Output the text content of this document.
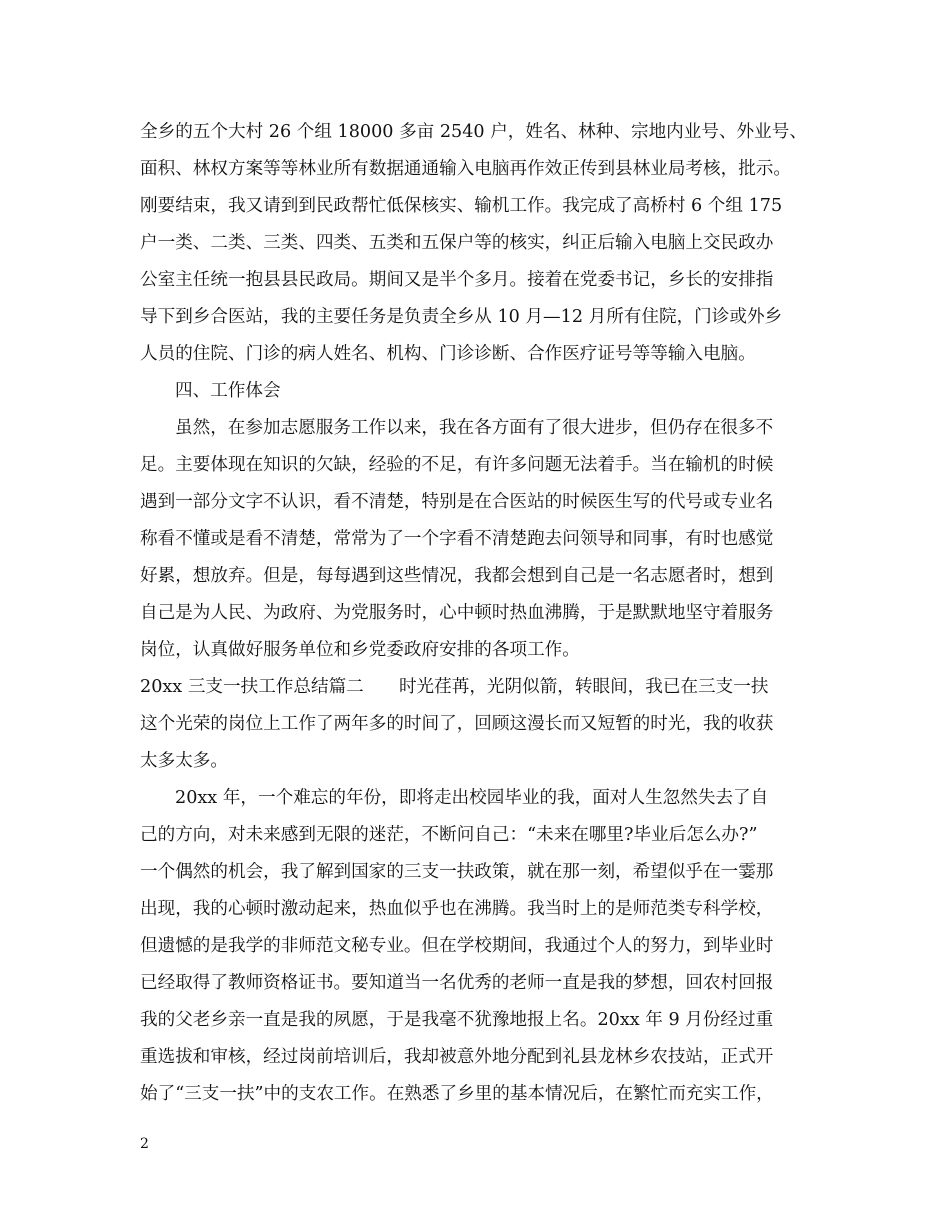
全乡的五个大村 26 个组 18000 多亩 2540 户，姓名、林种、宗地内业号、外业号、
面积、林权方案等等林业所有数据通通输入电脑再作效正传到县林业局考核，批示。
刚要结束，我又请到到民政帮忙低保核实、输机工作。我完成了高桥村 6 个组 175
户一类、二类、三类、四类、五类和五保户等的核实，纠正后输入电脑上交民政办
公室主任统一抱县县民政局。期间又是半个多月。接着在党委书记，乡长的安排指
导下到乡合医站，我的主要任务是负责全乡从 10 月—12 月所有住院，门诊或外乡
人员的住院、门诊的病人姓名、机构、门诊诊断、合作医疗证号等等输入电脑。
四、工作体会
虽然，在参加志愿服务工作以来，我在各方面有了很大进步，但仍存在很多不
足。主要体现在知识的欠缺，经验的不足，有许多问题无法着手。当在输机的时候
遇到一部分文字不认识，看不清楚，特别是在合医站的时候医生写的代号或专业名
称看不懂或是看不清楚，常常为了一个字看不清楚跑去问领导和同事，有时也感觉
好累，想放弃。但是，每每遇到这些情况，我都会想到自己是一名志愿者时，想到
自己是为人民、为政府、为党服务时，心中顿时热血沸腾，于是默默地坚守着服务
岗位，认真做好服务单位和乡党委政府安排的各项工作。
20xx 三支一扶工作总结篇二　　时光荏苒，光阴似箭，转眼间，我已在三支一扶
这个光荣的岗位上工作了两年多的时间了，回顾这漫长而又短暂的时光，我的收获
太多太多。
20xx 年，一个难忘的年份，即将走出校园毕业的我，面对人生忽然失去了自
己的方向，对未来感到无限的迷茫，不断问自己：“未来在哪里?毕业后怎么办?”
一个偶然的机会，我了解到国家的三支一扶政策，就在那一刻，希望似乎在一霎那
出现，我的心顿时激动起来，热血似乎也在沸腾。我当时上的是师范类专科学校，
但遗憾的是我学的非师范文秘专业。但在学校期间，我通过个人的努力，到毕业时
已经取得了教师资格证书。要知道当一名优秀的老师一直是我的梦想，回农村回报
我的父老乡亲一直是我的夙愿，于是我毫不犹豫地报上名。20xx 年 9 月份经过重
重选拔和审核，经过岗前培训后，我却被意外地分配到礼县龙林乡农技站，正式开
始了“三支一扶”中的支农工作。在熟悉了乡里的基本情况后，在繁忙而充实工作，
2
